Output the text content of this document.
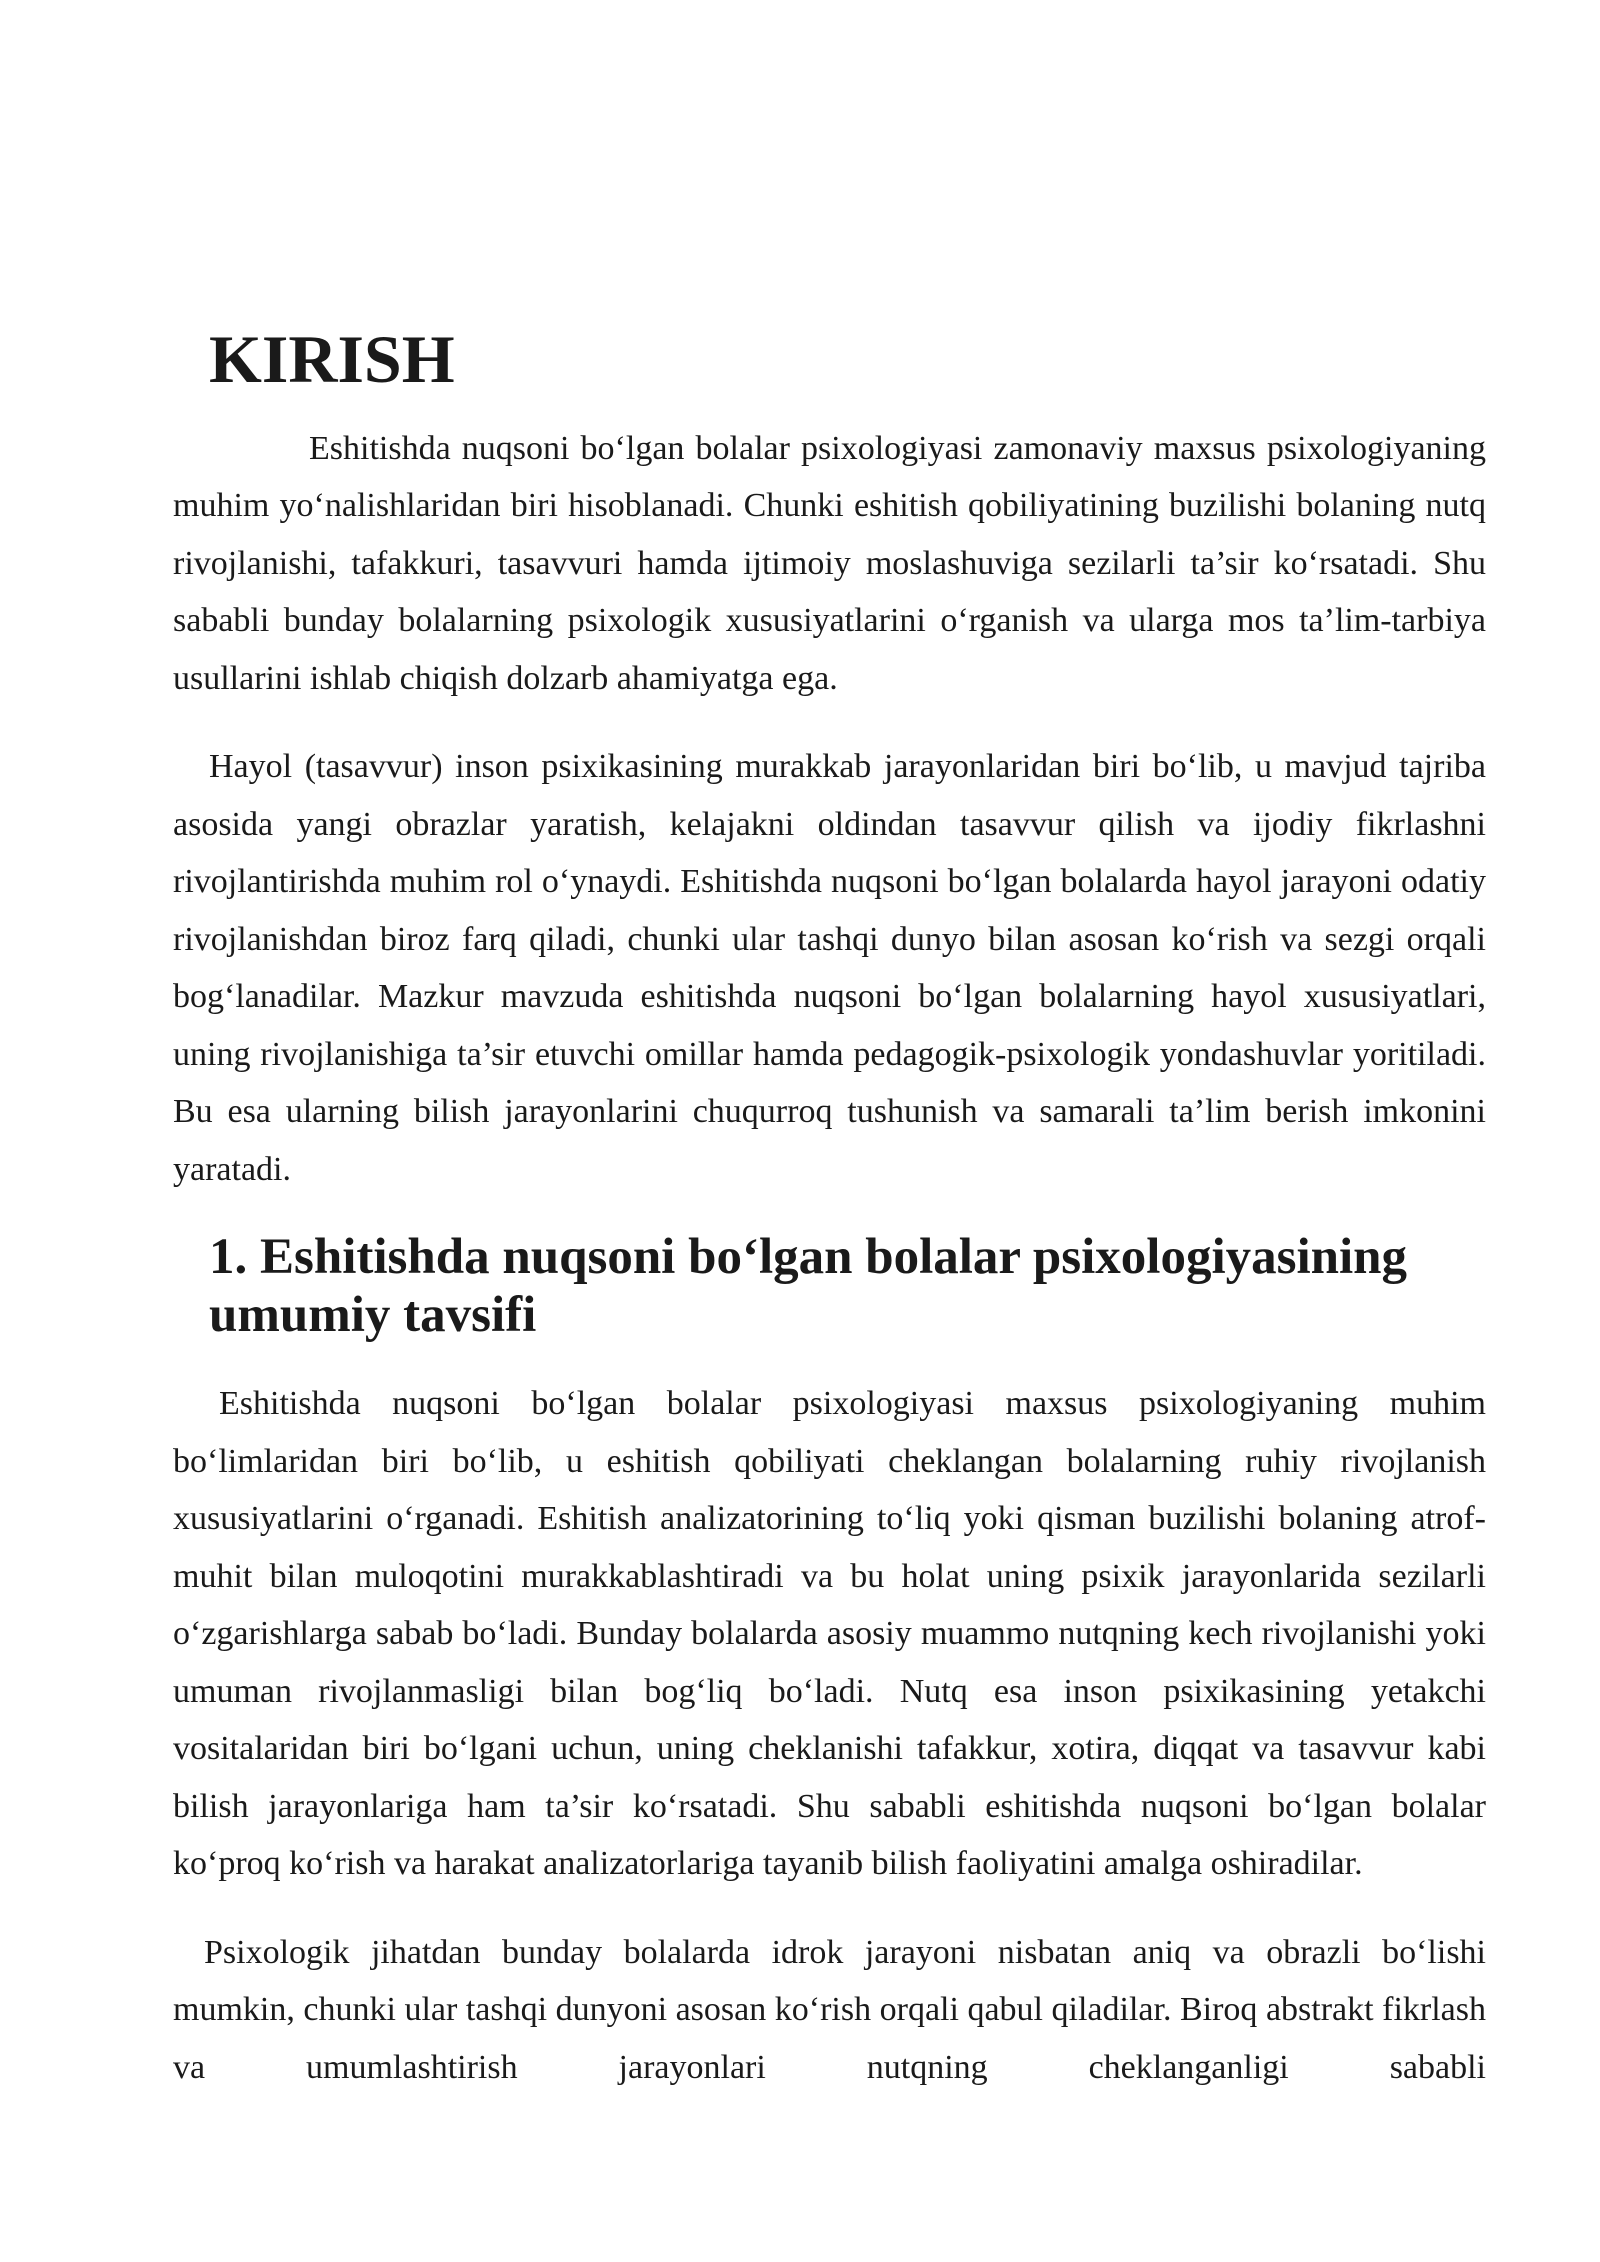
KIRISH

Eshitishda nuqsoni bo‘lgan bolalar psixologiyasi zamonaviy maxsus psixologiyaning muhim yo‘nalishlaridan biri hisoblanadi. Chunki eshitish qobiliyatining buzilishi bolaning nutq rivojlanishi, tafakkuri, tasavvuri hamda ijtimoiy moslashuviga sezilarli ta’sir ko‘rsatadi. Shu sababli bunday bolalarning psixologik xususiyatlarini o‘rganish va ularga mos ta’lim-tarbiya usullarini ishlab chiqish dolzarb ahamiyatga ega.

Hayol (tasavvur) inson psixikasining murakkab jarayonlaridan biri bo‘lib, u mavjud tajriba asosida yangi obrazlar yaratish, kelajakni oldindan tasavvur qilish va ijodiy fikrlashni rivojlantirishda muhim rol o‘ynaydi. Eshitishda nuqsoni bo‘lgan bolalarda hayol jarayoni odatiy rivojlanishdan biroz farq qiladi, chunki ular tashqi dunyo bilan asosan ko‘rish va sezgi orqali bog‘lanadilar. Mazkur mavzuda eshitishda nuqsoni bo‘lgan bolalarning hayol xususiyatlari, uning rivojlanishiga ta’sir etuvchi omillar hamda pedagogik-psixologik yondashuvlar yoritiladi. Bu esa ularning bilish jarayonlarini chuqurroq tushunish va samarali ta’lim berish imkonini yaratadi.

1. Eshitishda nuqsoni bo‘lgan bolalar psixologiyasining umumiy tavsifi

Eshitishda nuqsoni bo‘lgan bolalar psixologiyasi maxsus psixologiyaning muhim bo‘limlaridan biri bo‘lib, u eshitish qobiliyati cheklangan bolalarning ruhiy rivojlanish xususiyatlarini o‘rganadi. Eshitish analizatorining to‘liq yoki qisman buzilishi bolaning atrof-muhit bilan muloqotini murakkablashtiradi va bu holat uning psixik jarayonlarida sezilarli o‘zgarishlarga sabab bo‘ladi. Bunday bolalarda asosiy muammo nutqning kech rivojlanishi yoki umuman rivojlanmasligi bilan bog‘liq bo‘ladi. Nutq esa inson psixikasining yetakchi vositalaridan biri bo‘lgani uchun, uning cheklanishi tafakkur, xotira, diqqat va tasavvur kabi bilish jarayonlariga ham ta’sir ko‘rsatadi. Shu sababli eshitishda nuqsoni bo‘lgan bolalar ko‘proq ko‘rish va harakat analizatorlariga tayanib bilish faoliyatini amalga oshiradilar.

Psixologik jihatdan bunday bolalarda idrok jarayoni nisbatan aniq va obrazli bo‘lishi mumkin, chunki ular tashqi dunyoni asosan ko‘rish orqali qabul qiladilar. Biroq abstrakt fikrlash va umumlashtirish jarayonlari nutqning cheklanganligi sababli
